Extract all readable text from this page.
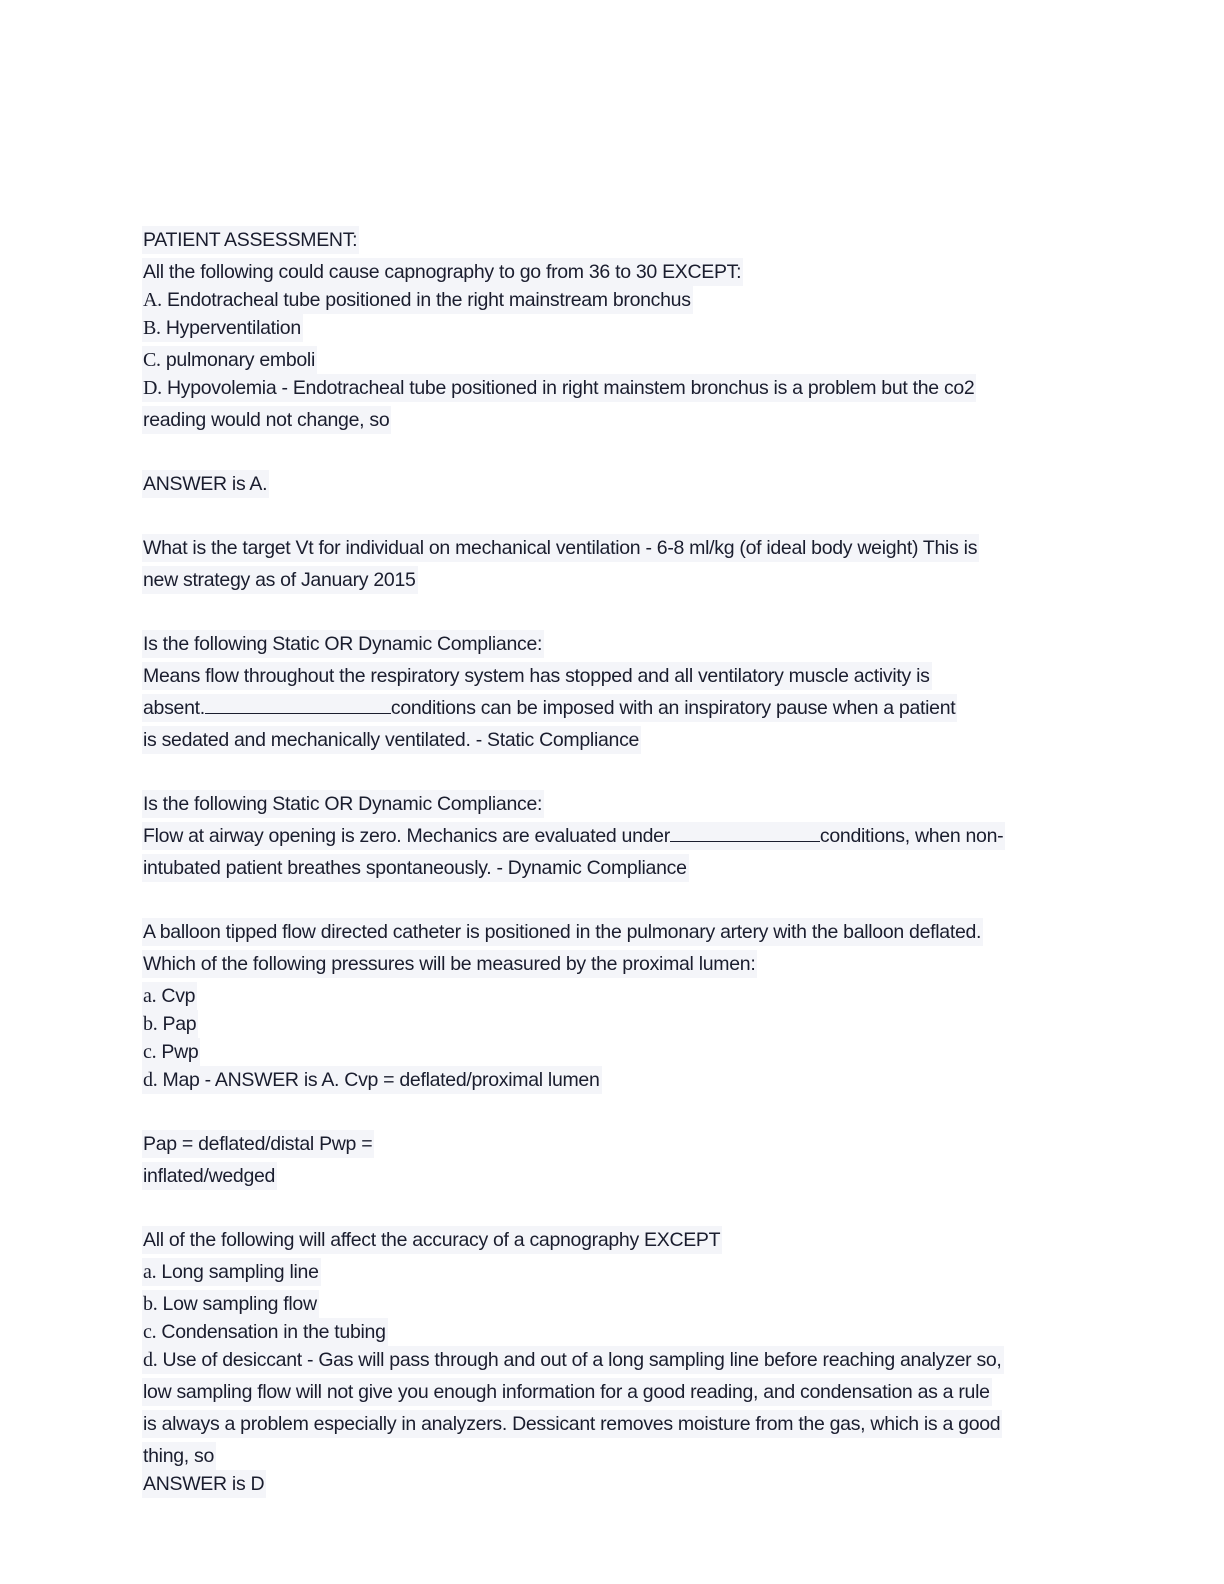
PATIENT ASSESSMENT:
All the following could cause capnography to go from 36 to 30 EXCEPT:
A. Endotracheal tube positioned in the right mainstream bronchus
B. Hyperventilation
C. pulmonary emboli
D. Hypovolemia - Endotracheal tube positioned in right mainstem bronchus is a problem but the co2
reading would not change, so
ANSWER is A.
What is the target Vt for individual on mechanical ventilation - 6-8 ml/kg (of ideal body weight) This is
new strategy as of January 2015
Is the following Static OR Dynamic Compliance:
Means flow throughout the respiratory system has stopped and all ventilatory muscle activity is
absent.	conditions can be imposed with an inspiratory pause when a patient
is sedated and mechanically ventilated. - Static Compliance
Is the following Static OR Dynamic Compliance:
Flow at airway opening is zero. Mechanics are evaluated under	conditions, when non-
intubated patient breathes spontaneously. - Dynamic Compliance
A balloon tipped flow directed catheter is positioned in the pulmonary artery with the balloon deflated.
Which of the following pressures will be measured by the proximal lumen:
a. Cvp
b. Pap
c. Pwp
d. Map - ANSWER is A. Cvp = deflated/proximal lumen
Pap = deflated/distal Pwp =
inflated/wedged
All of the following will affect the accuracy of a capnography EXCEPT
a. Long sampling line
b. Low sampling flow
c. Condensation in the tubing
d. Use of desiccant - Gas will pass through and out of a long sampling line before reaching analyzer so,
low sampling flow will not give you enough information for a good reading, and condensation as a rule
is always a problem especially in analyzers. Dessicant removes moisture from the gas, which is a good
thing, so
ANSWER is D
